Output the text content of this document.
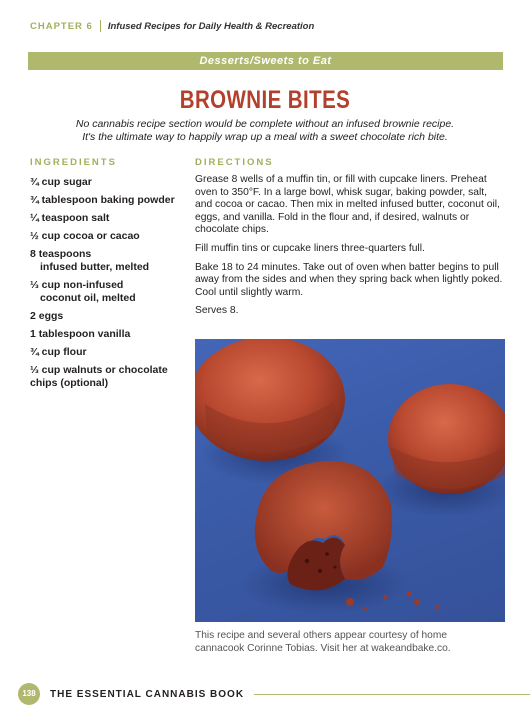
CHAPTER 6 Infused Recipes for Daily Health & Recreation
Desserts/Sweets to Eat
BROWNIE BITES

No cannabis recipe section would be complete without an infused brownie recipe.

It's the ultimate way to happily wrap up a meal with a sweet chocolate rich bite.

INGREDIENTS	DIRECTIONS
¾ cup sugar
¾ tablespoon baking powder
¼ teaspoon salt
½ cup cocoa or cacao
8 teaspoons
infused butter, melted
⅓ cup non-infused
coconut oil, melted
2 eggs
1 tablespoon vanilla
¾ cup flour
⅓ cup walnuts or chocolate
chips (optional)

Grease 8 wells of a muffin tin, or fill with cupcake liners. Preheat oven to 350°F. In a large bowl, whisk sugar, baking powder, salt, and cocoa or cacao. Then mix in melted infused butter, coconut oil, eggs, and vanilla. Fold in the flour and, if desired, walnuts or chocolate chips.

Fill muffin tins or cupcake liners three-quarters full.

Bake 18 to 24 minutes. Take out of oven when batter begins to pull away from the sides and when they spring back when lightly poked. Cool until slightly warm.

Serves 8.

This recipe and several others appear courtesy of home

cannacook Corinne Tobias. Visit her at wakeandbake.co.

138	THE ESSENTIAL CANNABIS BOOK
